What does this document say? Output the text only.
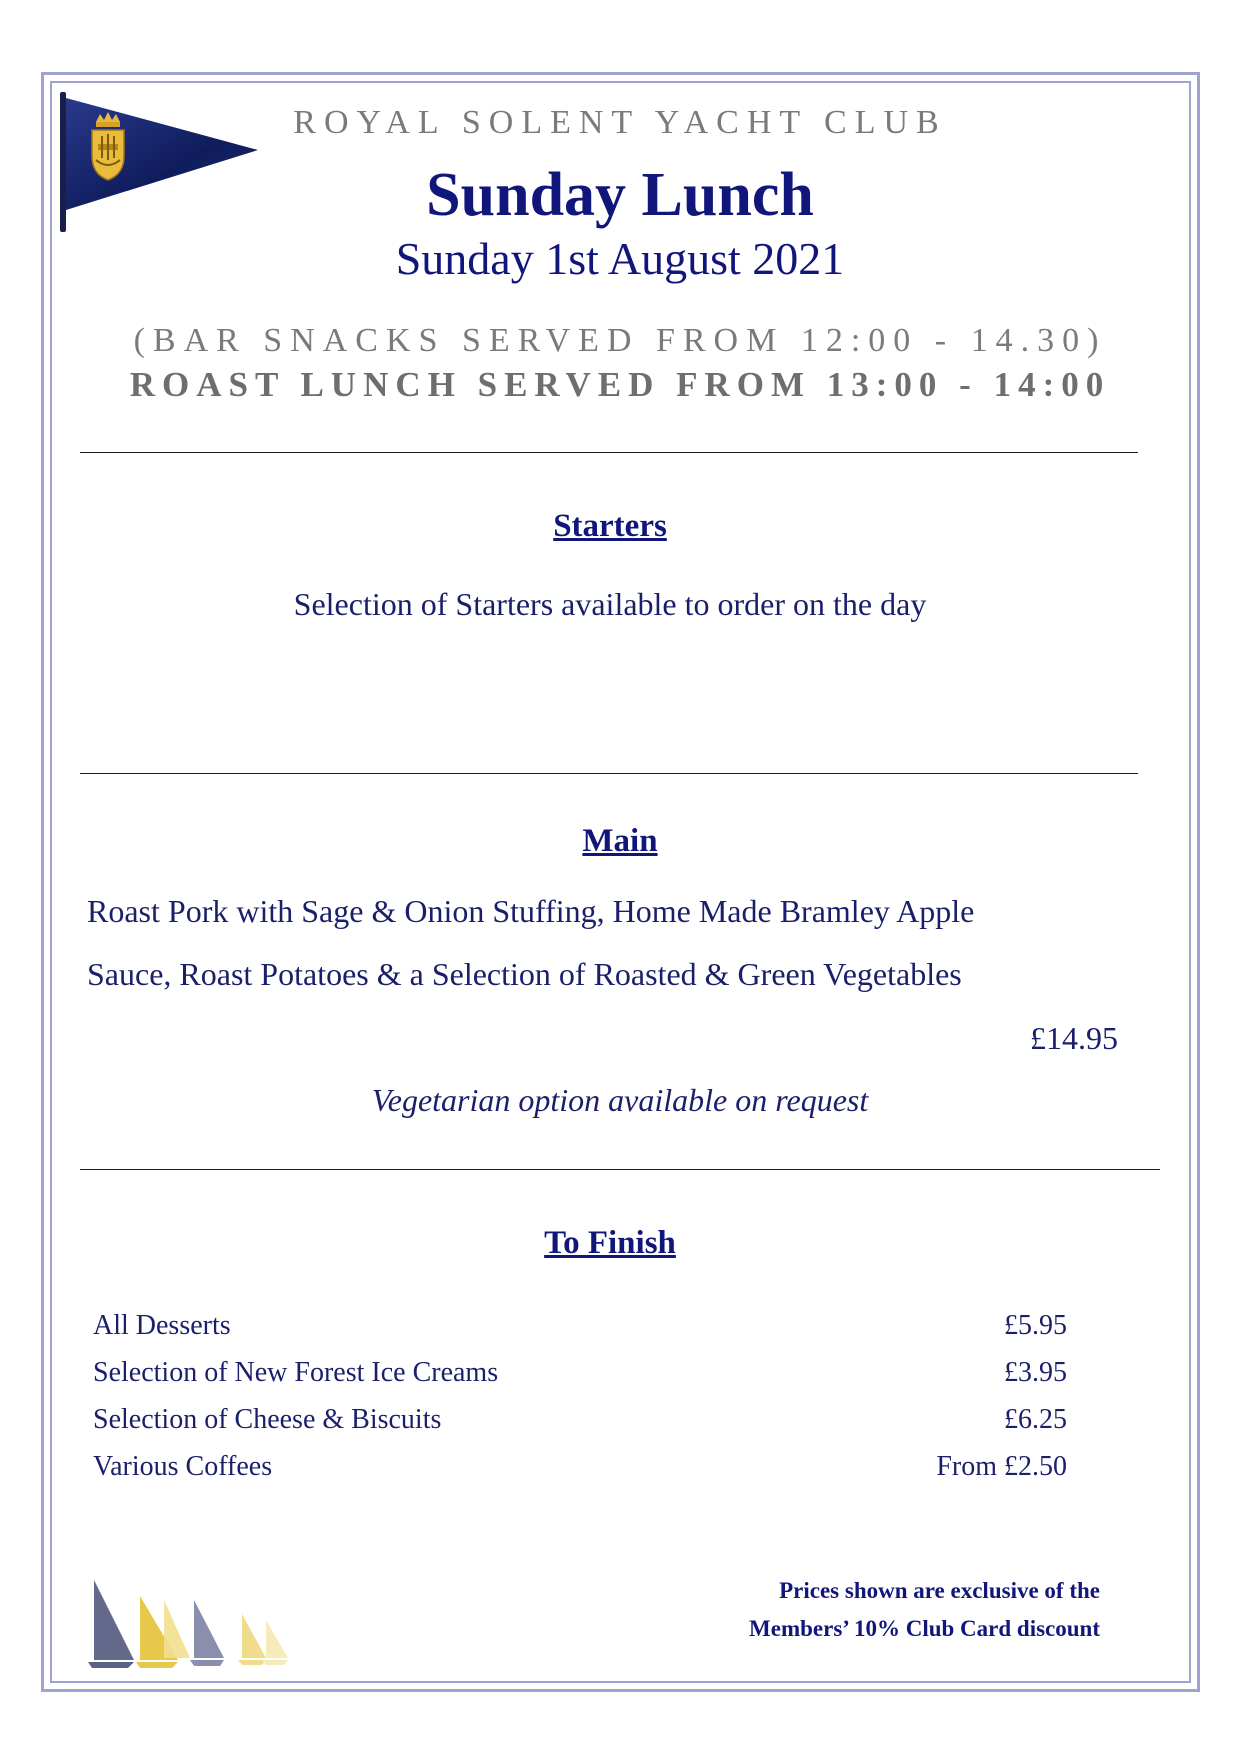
ROYAL SOLENT YACHT CLUB
Sunday Lunch
Sunday 1st August 2021
(BAR SNACKS SERVED FROM 12:00 - 14.30)
ROAST LUNCH SERVED FROM 13:00 - 14:00
Starters
Selection of Starters available to order on the day
Main
Roast Pork with Sage & Onion Stuffing, Home Made Bramley Apple
Sauce, Roast Potatoes & a Selection of Roasted & Green Vegetables
£14.95
Vegetarian option available on request
To Finish
All Desserts	£5.95
Selection of New Forest Ice Creams	£3.95
Selection of Cheese & Biscuits	£6.25
Various Coffees	From £2.50
Prices shown are exclusive of the
Members’ 10% Club Card discount
